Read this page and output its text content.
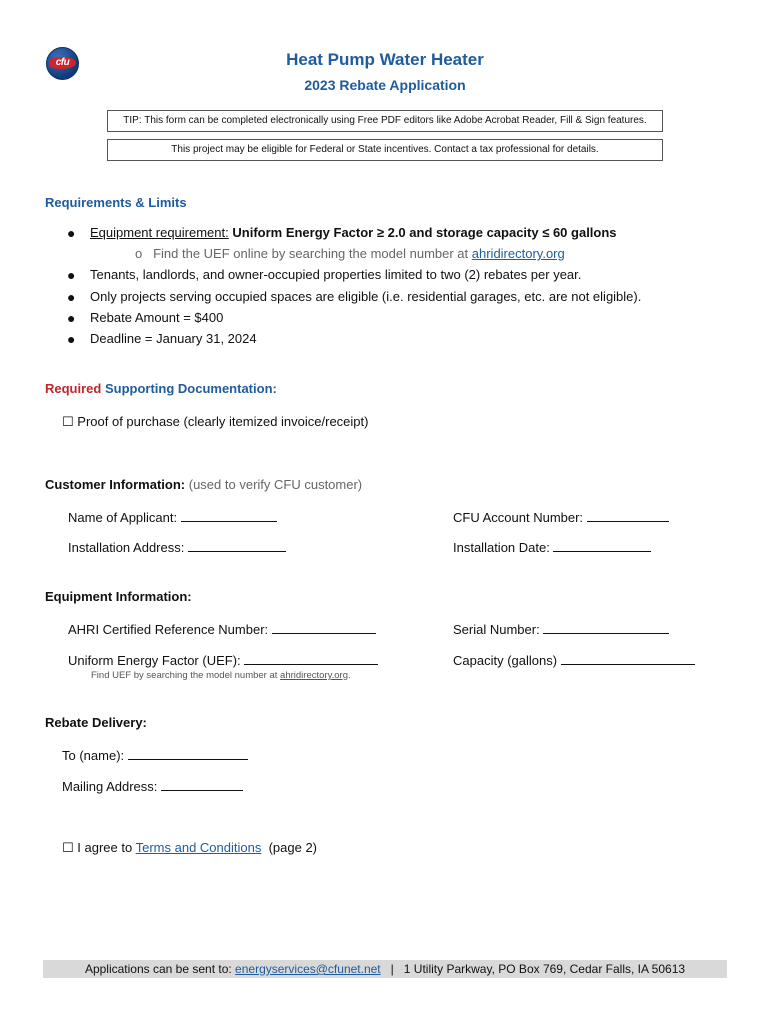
cfu	Heat Pump Water Heater
2023 Rebate Application
TIP: This form can be completed electronically using Free PDF editors like Adobe Acrobat Reader, Fill & Sign features.
This project may be eligible for Federal or State incentives. Contact a tax professional for details.
Requirements & Limits
● Equipment requirement: Uniform Energy Factor ≥ 2.0 and storage capacity ≤ 60 gallons
o Find the UEF online by searching the model number at ahridirectory.org
● Tenants, landlords, and owner-occupied properties limited to two (2) rebates per year.
● Only projects serving occupied spaces are eligible (i.e. residential garages, etc. are not eligible).
● Rebate Amount = $400
● Deadline = January 31, 2024
Required Supporting Documentation:
☐ Proof of purchase (clearly itemized invoice/receipt)
Customer Information: (used to verify CFU customer)
Name of Applicant:	CFU Account Number:
Installation Address:	Installation Date:
Equipment Information:
AHRI Certified Reference Number:	Serial Number:
Uniform Energy Factor (UEF):	Capacity (gallons)
Find UEF by searching the model number at ahridirectory.org.
Rebate Delivery:
To (name):
Mailing Address:
☐ I agree to Terms and Conditions (page 2)
Applications can be sent to: energyservices@cfunet.net | 1 Utility Parkway, PO Box 769, Cedar Falls, IA 50613
